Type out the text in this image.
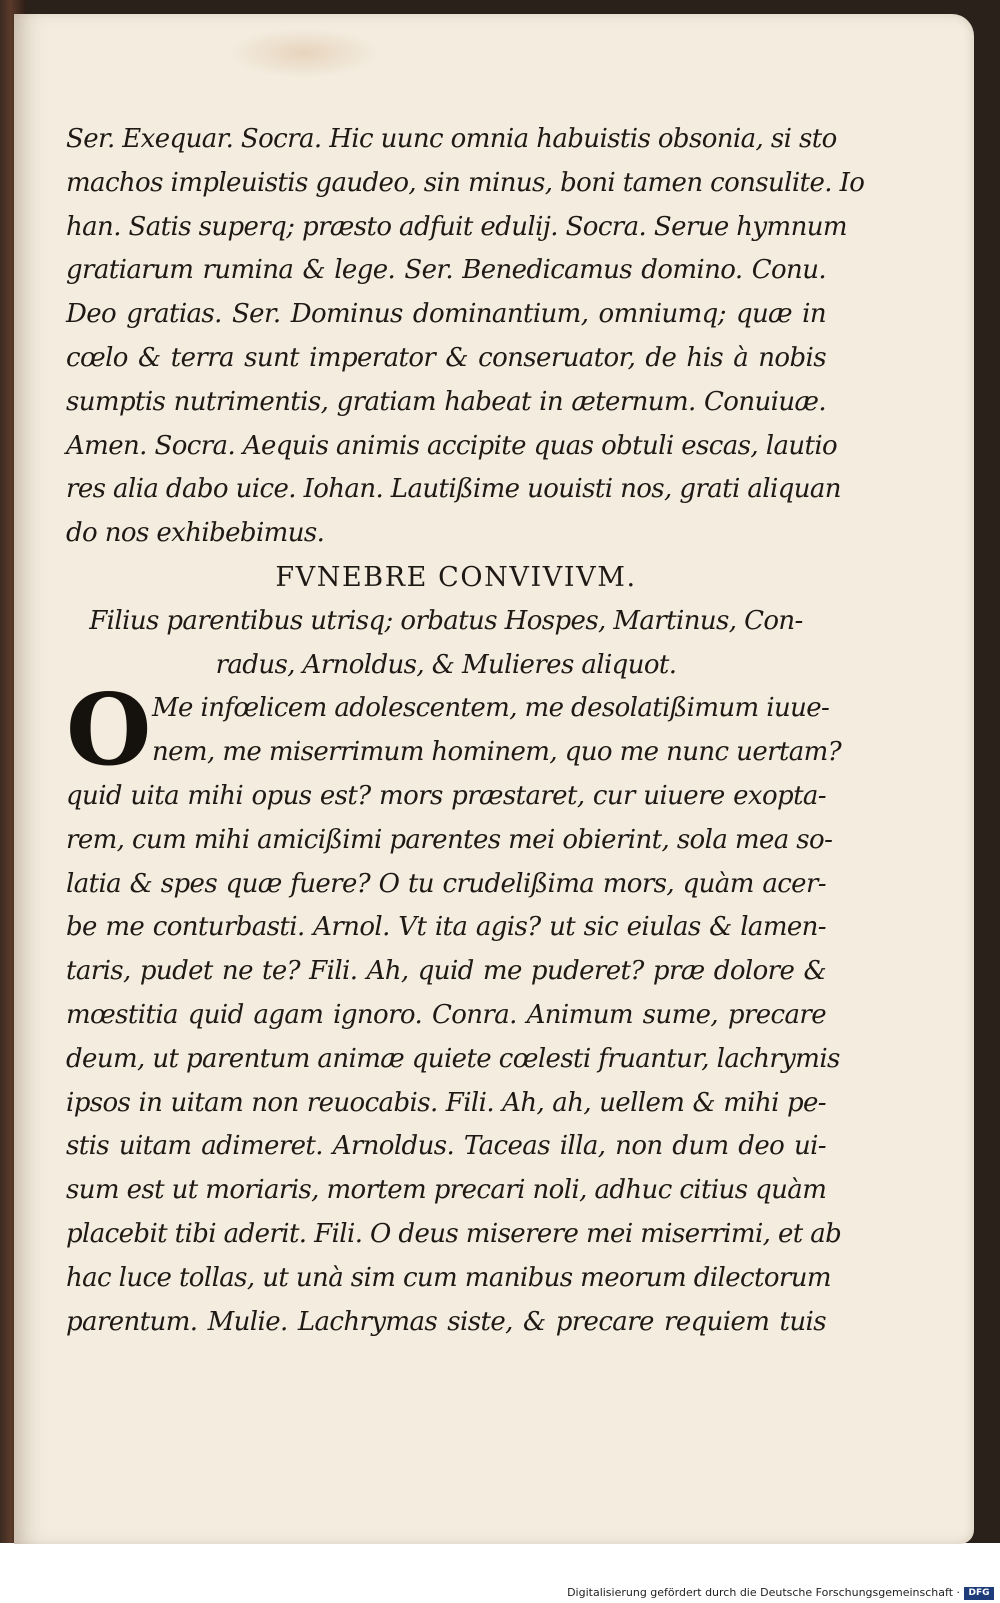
Ser. Exequar. Socra. Hic uunc omnia habuistis obsonia, si sto
machos impleuistis gaudeo, sin minus, boni tamen consulite. Io
han. Satis superq; præsto adfuit edulij. Socra. Serue hymnum
gratiarum rumina & lege. Ser. Benedicamus domino. Conu.
Deo gratias. Ser. Dominus dominantium, omniumq; quæ in
cœlo & terra sunt imperator & conseruator, de his à nobis
sumptis nutrimentis, gratiam habeat in æternum. Conuiuæ.
Amen. Socra. Aequis animis accipite quas obtuli escas, lautio
res alia dabo uice. Iohan. Lautißime uouisti nos, grati aliquan
do nos exhibebimus.
FVNEBRE CONVIVIVM.
Filius parentibus utrisq; orbatus Hospes, Martinus, Con-
radus, Arnoldus, & Mulieres aliquot.
O Me infœlicem adolescentem, me desolatißimum iuue-
nem, me miserrimum hominem, quo me nunc uertam?
quid uita mihi opus est? mors præstaret, cur uiuere exopta-
rem, cum mihi amicißimi parentes mei obierint, sola mea so-
latia & spes quæ fuere? O tu crudelißima mors, quàm acer-
be me conturbasti. Arnol. Vt ita agis? ut sic eiulas & lamen-
taris, pudet ne te? Fili. Ah, quid me puderet? præ dolore &
mœstitia quid agam ignoro. Conra. Animum sume, precare
deum, ut parentum animæ quiete cœlesti fruantur, lachrymis
ipsos in uitam non reuocabis. Fili. Ah, ah, uellem & mihi pe-
stis uitam adimeret. Arnoldus. Taceas illa, non dum deo ui-
sum est ut moriaris, mortem precari noli, adhuc citius quàm
placebit tibi aderit. Fili. O deus miserere mei miserrimi, et ab
hac luce tollas, ut unà sim cum manibus meorum dilectorum
parentum. Mulie. Lachrymas siste, & precare requiem tuis
Digitalisierung gefördert durch die Deutsche Forschungsgemeinschaft · DFG
